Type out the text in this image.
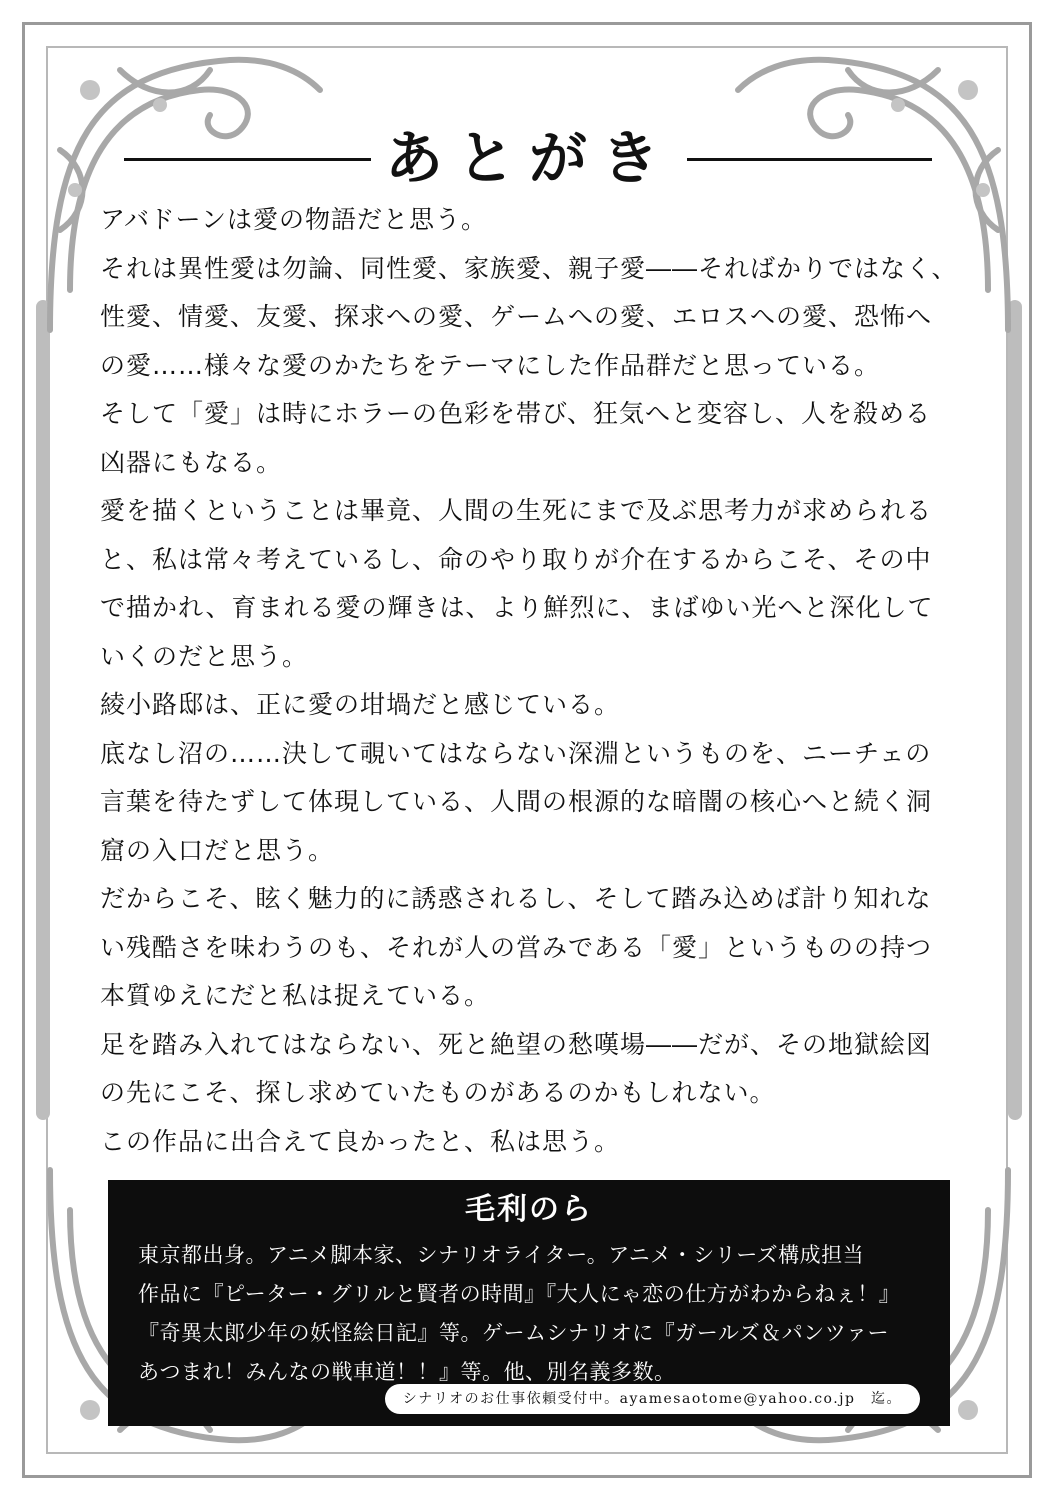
あとがき
アバドーンは愛の物語だと思う。
それは異性愛は勿論、同性愛、家族愛、親子愛――そればかりではなく、
性愛、情愛、友愛、探求への愛、ゲームへの愛、エロスへの愛、恐怖へ
の愛……様々な愛のかたちをテーマにした作品群だと思っている。
そして「愛」は時にホラーの色彩を帯び、狂気へと変容し、人を殺める
凶器にもなる。
愛を描くということは畢竟、人間の生死にまで及ぶ思考力が求められる
と、私は常々考えているし、命のやり取りが介在するからこそ、その中
で描かれ、育まれる愛の輝きは、より鮮烈に、まばゆい光へと深化して
いくのだと思う。
綾小路邸は、正に愛の坩堝だと感じている。
底なし沼の……決して覗いてはならない深淵というものを、ニーチェの
言葉を待たずして体現している、人間の根源的な暗闇の核心へと続く洞
窟の入口だと思う。
だからこそ、眩く魅力的に誘惑されるし、そして踏み込めば計り知れな
い残酷さを味わうのも、それが人の営みである「愛」というものの持つ
本質ゆえにだと私は捉えている。
足を踏み入れてはならない、死と絶望の愁嘆場――だが、その地獄絵図
の先にこそ、探し求めていたものがあるのかもしれない。
この作品に出合えて良かったと、私は思う。
毛利のら
東京都出身。アニメ脚本家、シナリオライター。アニメ・シリーズ構成担当
作品に『ピーター・グリルと賢者の時間』『大人にゃ恋の仕方がわからねぇ！』
『奇異太郎少年の妖怪絵日記』等。ゲームシナリオに『ガールズ＆パンツァー
あつまれ！みんなの戦車道！！』等。他、別名義多数。
シナリオのお仕事依頼受付中。ayamesaotome@yahoo.co.jp　迄。
